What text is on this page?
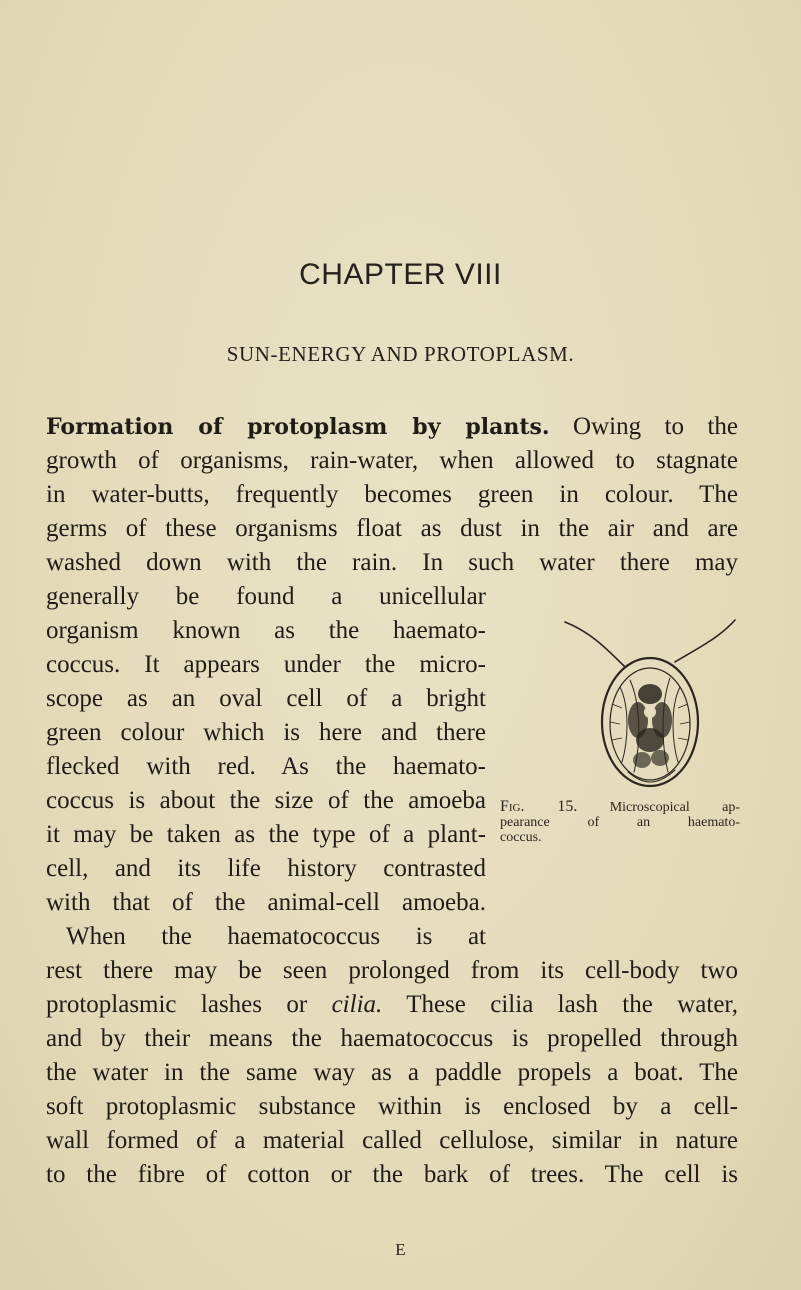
CHAPTER VIII
SUN-ENERGY AND PROTOPLASM.
Formation of protoplasm by plants. Owing to the
growth of organisms, rain-water, when allowed to stagnate
in water-butts, frequently becomes green in colour. The
germs of these organisms float as dust in the air and are
washed down with the rain. In such water there may
generally be found a unicellular
organism known as the haemato-
coccus. It appears under the micro-
scope as an oval cell of a bright
green colour which is here and there
flecked with red. As the haemato-
coccus is about the size of the amoeba
it may be taken as the type of a plant-
cell, and its life history contrasted
with that of the animal-cell amoeba.
When the haematococcus is at
rest there may be seen prolonged from its cell-body two
protoplasmic lashes or cilia. These cilia lash the water,
and by their means the haematococcus is propelled through
the water in the same way as a paddle propels a boat. The
soft protoplasmic substance within is enclosed by a cell-
wall formed of a material called cellulose, similar in nature
to the fibre of cotton or the bark of trees. The cell is
Fig. 15. Microscopical ap-
pearance of an haemato-

coccus.
E
